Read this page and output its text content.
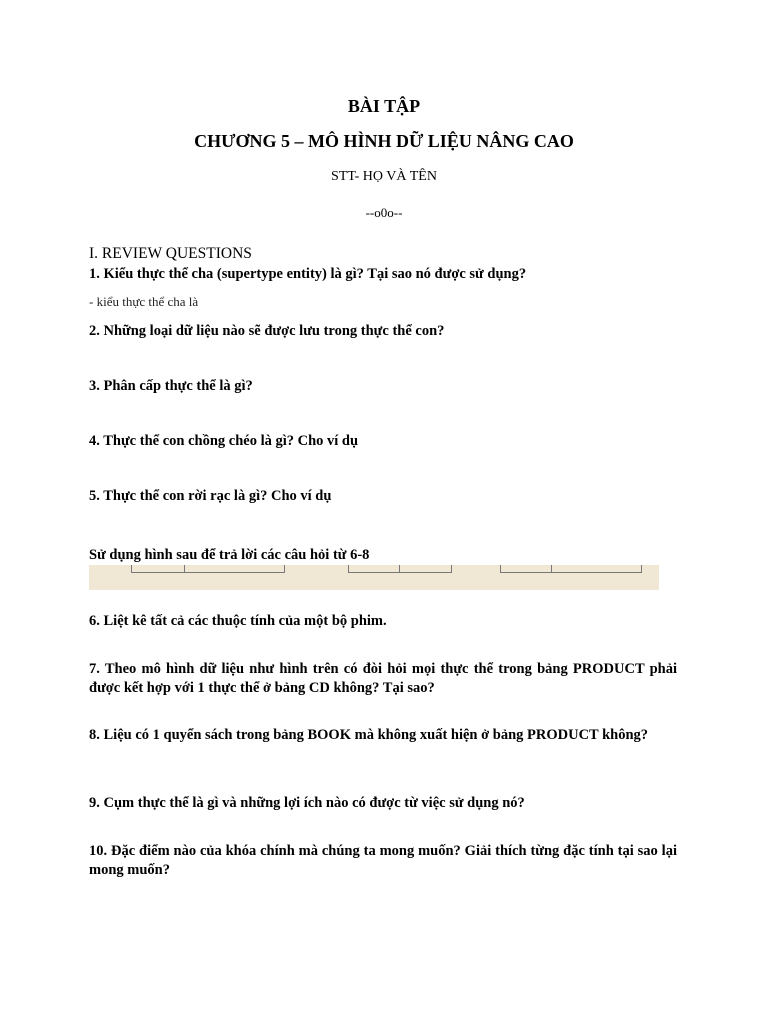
BÀI TẬP
CHƯƠNG 5 – MÔ HÌNH DỮ LIỆU NÂNG CAO
STT- HỌ VÀ TÊN
--o0o--
I. REVIEW QUESTIONS
1. Kiểu thực thể cha (supertype entity) là gì? Tại sao nó được sử dụng?
- kiểu thực thể cha là
2. Những loại dữ liệu nào sẽ được lưu trong thực thể con?
3. Phân cấp thực thể là gì?
4. Thực thể con chồng chéo là gì? Cho ví dụ
5. Thực thể con rời rạc là gì? Cho ví dụ
Sử dụng hình sau để trả lời các câu hỏi từ 6-8
6. Liệt kê tất cả các thuộc tính của một bộ phim.
7. Theo mô hình dữ liệu như hình trên có đòi hỏi mọi thực thể trong bảng PRODUCT phải được kết hợp với 1 thực thể ở bảng CD không? Tại sao?
8. Liệu có 1 quyển sách trong bảng BOOK mà không xuất hiện ở bảng PRODUCT không?
9. Cụm thực thể là gì và những lợi ích nào có được từ việc sử dụng nó?
10. Đặc điểm nào của khóa chính mà chúng ta mong muốn? Giải thích từng đặc tính tại sao lại mong muốn?
